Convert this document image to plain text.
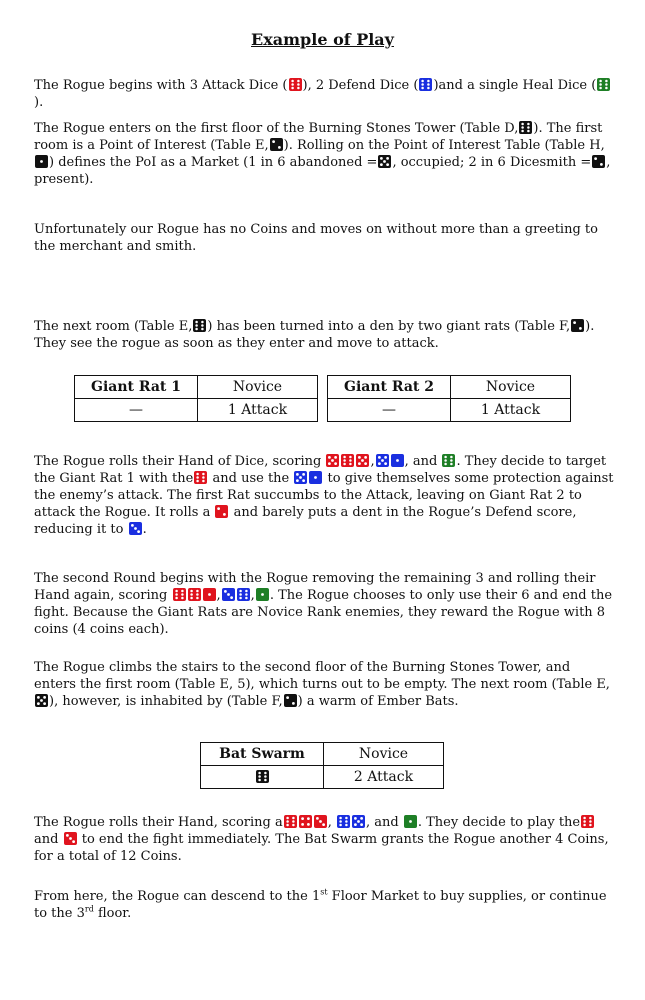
Example of Play

The Rogue begins with 3 Attack Dice ( ), 2 Defend Dice ( )and a single Heal Dice (
).

The Rogue enters on the first floor of the Burning Stones Tower (Table D, ). The first room is a Point of Interest (Table E, ). Rolling on the Point of Interest Table (Table H,
) defines the PoI as a Market (1 in 6 abandoned = , occupied; 2 in 6 Dicesmith = , present).

Unfortunately our Rogue has no Coins and moves on without more than a greeting to the merchant and smith.

The next room (Table E, ) has been turned into a den by two giant rats (Table F, ). They see the rogue as soon as they enter and move to attack.

Giant Rat 1	Novice
—	1 Attack
Giant Rat 2	Novice
—	1 Attack

The Rogue rolls their Hand of Dice, scoring	, , and . They decide to target the Giant Rat 1 with the and use the	to give themselves some protection against the enemy’s attack. The first Rat succumbs to the Attack, leaving on Giant Rat 2 to attack the Rogue. It rolls a and barely puts a dent in the Rogue’s Defend score, reducing it to .

The second Round begins with the Rogue removing the remaining 3 and rolling their Hand again, scoring	, , . The Rogue chooses to only use their 6 and end the fight. Because the Giant Rats are Novice Rank enemies, they reward the Rogue with 8 coins (4 coins each).

The Rogue climbs the stairs to the second floor of the Burning Stones Tower, and enters the first room (Table E, 5), which turns out to be empty. The next room (Table E,
), however, is inhabited by (Table F, ) a warm of Ember Bats.

Bat Swarm	Novice

	2 Attack

The Rogue rolls their Hand, scoring a	,
, and . They decide to play the
and to end the fight immediately. The Bat Swarm grants the Rogue another 4 Coins, for a total of 12 Coins.

From here, the Rogue can descend to the 1st Floor Market to buy supplies, or continue to the 3rd floor.
